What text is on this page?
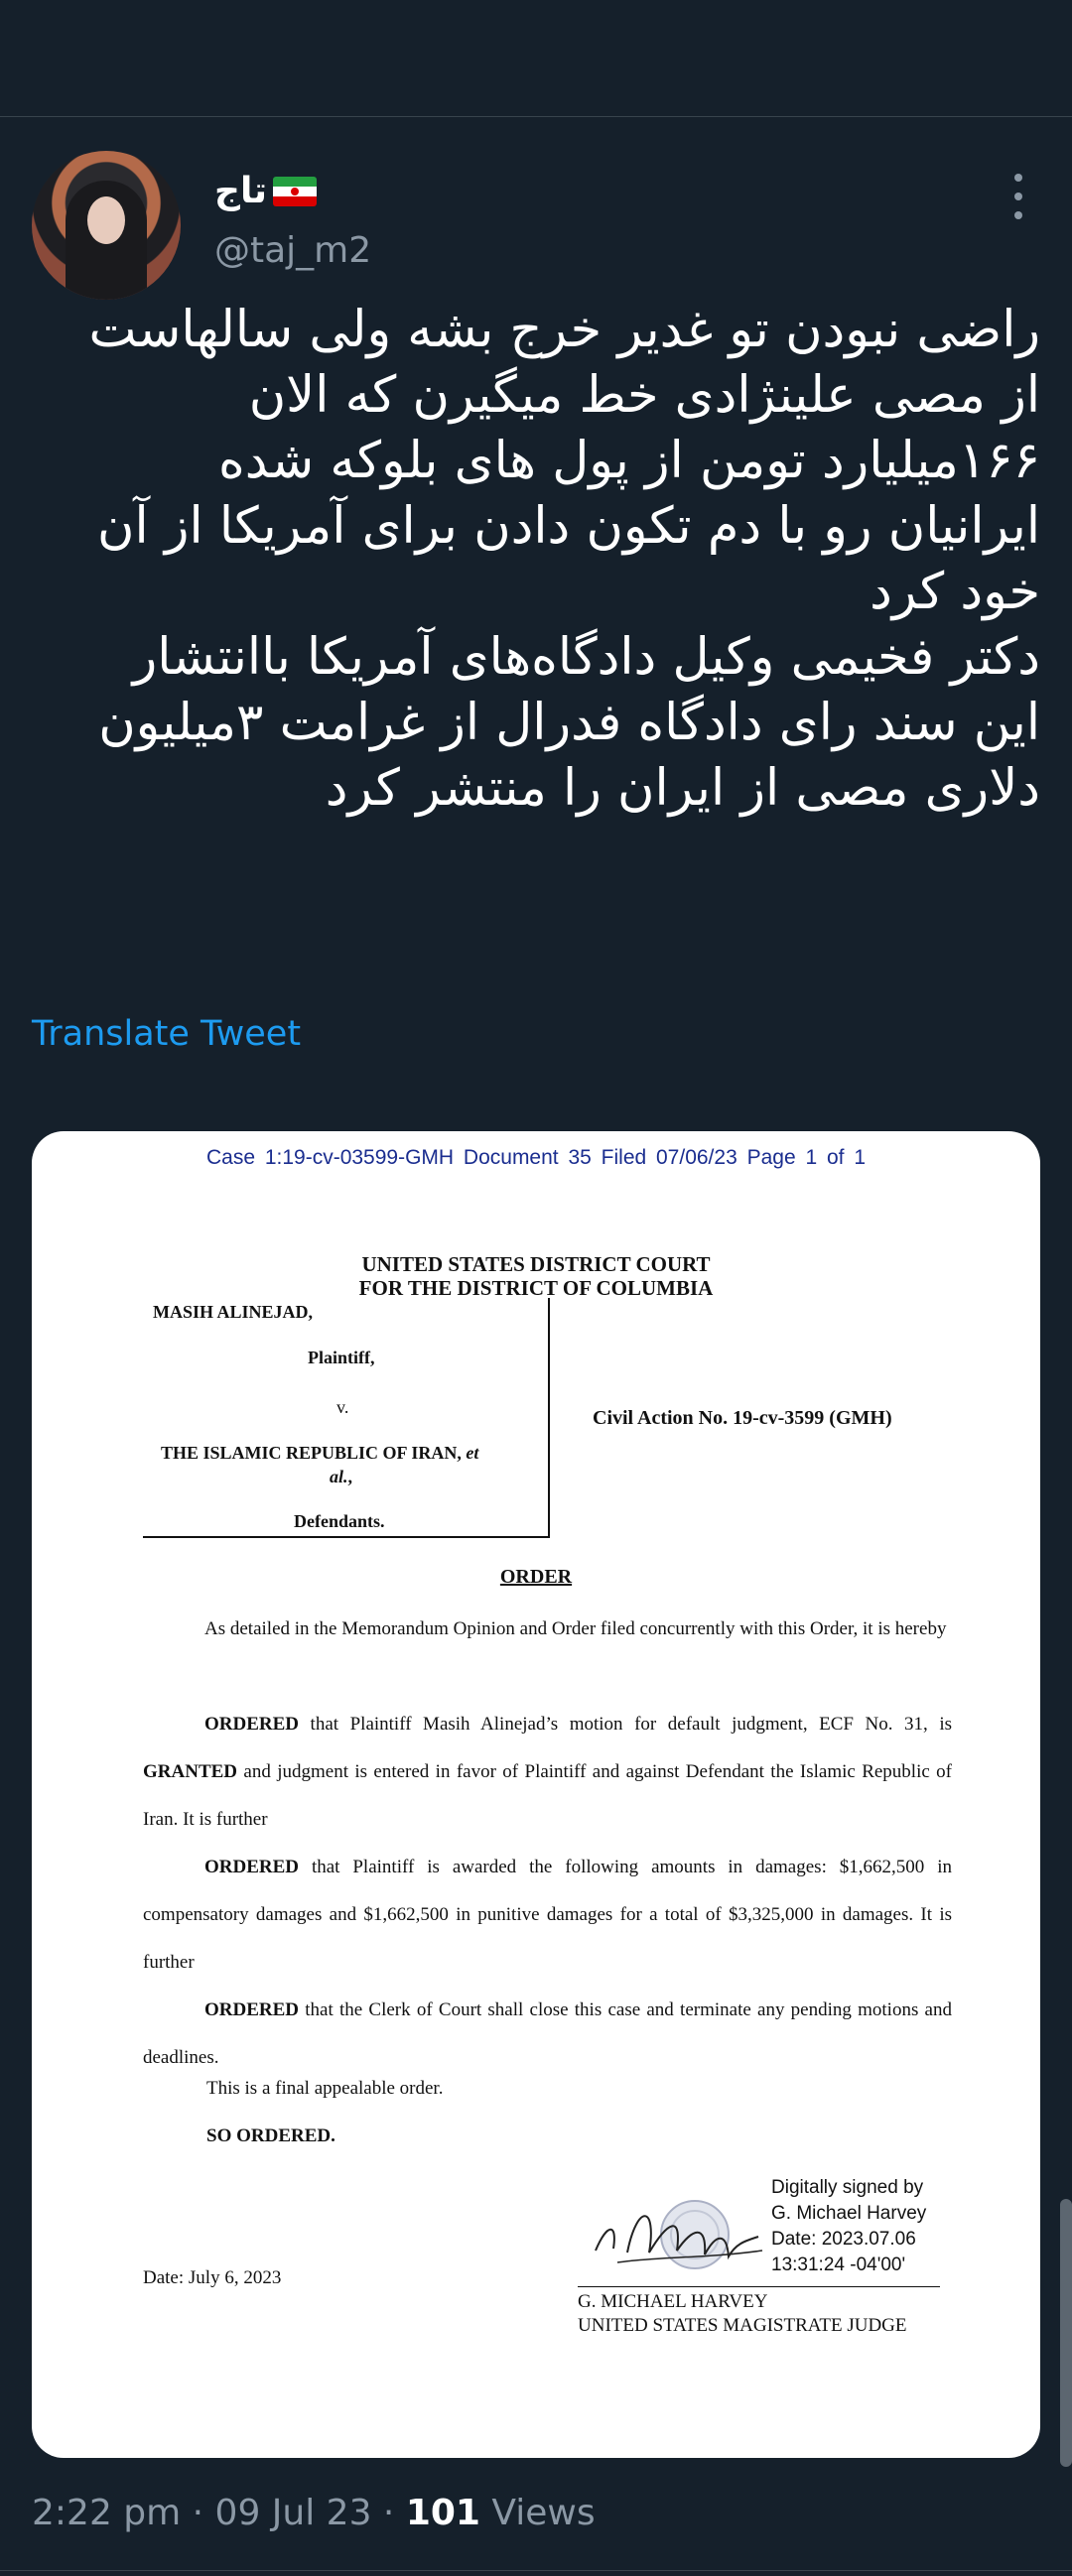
تاج
@taj_m2
راضی نبودن تو غدیر خرج بشه ولی سالهاست
از مصی علینژادی خط میگیرن که الان
۱۶۶میلیارد تومن از پول های بلوکه شده
ایرانیان رو با دم تکون دادن برای آمریکا از آن
خود کرد
دکتر فخیمی وکیل دادگاه‌های آمریکا باانتشار
این سند رای دادگاه فدرال از غرامت ۳میلیون
دلاری مصی از ایران را منتشر کرد
Translate Tweet
Case 1:19-cv-03599-GMH Document 35 Filed 07/06/23 Page 1 of 1
UNITED STATES DISTRICT COURT
FOR THE DISTRICT OF COLUMBIA
MASIH ALINEJAD,
Plaintiff,
v.
THE ISLAMIC REPUBLIC OF IRAN, et
al.,
Defendants.
Civil Action No. 19-cv-3599 (GMH)
ORDER
As detailed in the Memorandum Opinion and Order filed concurrently with this Order, it is hereby
ORDERED that Plaintiff Masih Alinejad’s motion for default judgment, ECF No. 31, is GRANTED and judgment is entered in favor of Plaintiff and against Defendant the Islamic Republic of Iran. It is further
ORDERED that Plaintiff is awarded the following amounts in damages: $1,662,500 in compensatory damages and $1,662,500 in punitive damages for a total of $3,325,000 in damages. It is further
ORDERED that the Clerk of Court shall close this case and terminate any pending motions and deadlines.
This is a final appealable order.
SO ORDERED.
Date: July 6, 2023
Digitally signed by
G. Michael Harvey
Date: 2023.07.06
13:31:24 -04'00'
G. MICHAEL HARVEY
UNITED STATES MAGISTRATE JUDGE
2:22 pm · 09 Jul 23 · 101 Views
